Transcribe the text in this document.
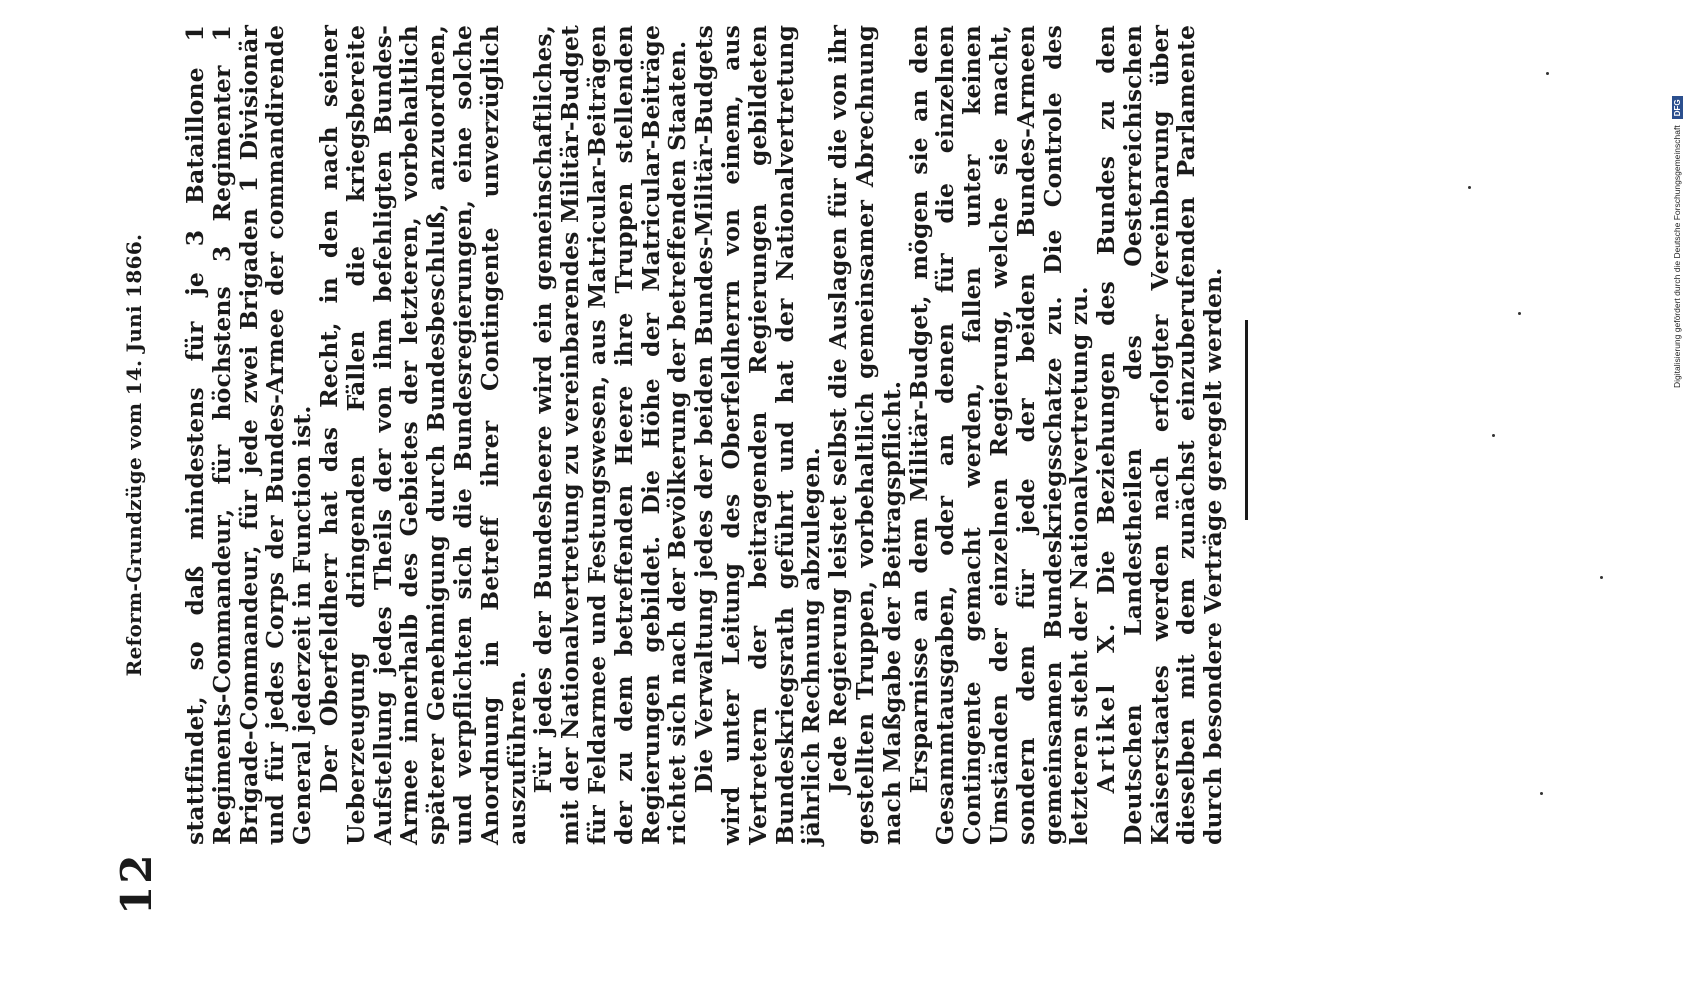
12
Reform-Grundzüge vom 14. Juni 1866. stattfindet, so daß mindestens für je 3 Bataillone 1 Regiments-Commandeur, für höchstens 3 Regimenter 1 Brigade-Commandeur, für jede zwei Brigaden 1 Divisionär und für jedes Corps der Bundes-Armee der commandirende General jederzeit in Function ist.

Der Oberfeldherr hat das Recht, in den nach seiner Ueberzeugung dringenden Fällen die kriegsbereite Aufstellung jedes Theils der von ihm befehligten Bundes-Armee innerhalb des Gebietes der letzteren, vorbehaltlich späterer Genehmigung durch Bundesbeschluß, anzuordnen, und verpflichten sich die Bundesregierungen, eine solche Anordnung in Betreff ihrer Contingente unverzüglich auszuführen.

Für jedes der Bundesheere wird ein gemeinschaftliches, mit der Nationalvertretung zu vereinbarendes Militär-Budget für Feldarmee und Festungswesen, aus Matricular-Beiträgen der zu dem betreffenden Heere ihre Truppen stellenden Regierungen gebildet. Die Höhe der Matricular-Beiträge richtet sich nach der Bevölkerung der betreffenden Staaten.

Die Verwaltung jedes der beiden Bundes-Militär-Budgets wird unter Leitung des Oberfeldherrn von einem, aus Vertretern der beitragenden Regierungen gebildeten Bundeskriegsrath geführt und hat der Nationalvertretung jährlich Rechnung abzulegen.

Jede Regierung leistet selbst die Auslagen für die von ihr gestellten Truppen, vorbehaltlich gemeinsamer Abrechnung nach Maßgabe der Beitragspflicht.

Ersparnisse an dem Militär-Budget, mögen sie an den Gesammtausgaben, oder an denen für die einzelnen Contingente gemacht werden, fallen unter keinen Umständen der einzelnen Regierung, welche sie macht, sondern dem für jede der beiden Bundes-Armeen gemeinsamen Bundeskriegsschatze zu. Die Controle des letzteren steht der Nationalvertretung zu.

Artikel X. Die Beziehungen des Bundes zu den Deutschen Landestheilen des Oesterreichischen Kaiserstaates werden nach erfolgter Vereinbarung über dieselben mit dem zunächst einzuberufenden Parlamente durch besondere Verträge geregelt werden.

Digitalisierung gefördert durch die Deutsche Forschungsgemeinschaft
DFG
